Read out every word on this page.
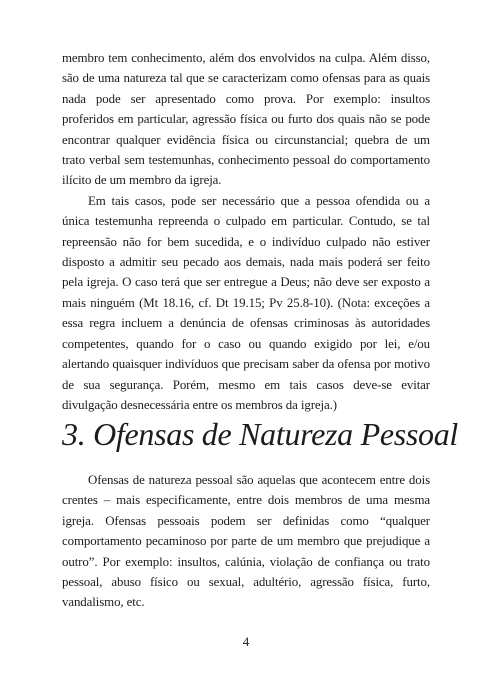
membro tem conhecimento, além dos envolvidos na culpa. Além disso, são de uma natureza tal que se caracterizam como ofensas para as quais nada pode ser apresentado como prova. Por exemplo: insultos proferidos em particular, agressão física ou furto dos quais não se pode encontrar qualquer evidência física ou circunstancial; quebra de um trato verbal sem testemunhas, conhecimento pessoal do comportamento ilícito de um membro da igreja.

Em tais casos, pode ser necessário que a pessoa ofendida ou a única testemunha repreenda o culpado em particular. Contudo, se tal repreensão não for bem sucedida, e o indivíduo culpado não estiver disposto a admitir seu pecado aos demais, nada mais poderá ser feito pela igreja. O caso terá que ser entregue a Deus; não deve ser exposto a mais ninguém (Mt 18.16, cf. Dt 19.15; Pv 25.8-10). (Nota: exceções a essa regra incluem a denúncia de ofensas criminosas às autoridades competentes, quando for o caso ou quando exigido por lei, e/ou alertando quaisquer indivíduos que precisam saber da ofensa por motivo de sua segurança. Porém, mesmo em tais casos deve-se evitar divulgação desnecessária entre os membros da igreja.)

3. Ofensas de Natureza Pessoal

Ofensas de natureza pessoal são aquelas que acontecem entre dois crentes – mais especificamente, entre dois membros de uma mesma igreja. Ofensas pessoais podem ser definidas como “qualquer comportamento pecaminoso por parte de um membro que prejudique a outro”. Por exemplo: insultos, calúnia, violação de confiança ou trato pessoal, abuso físico ou sexual, adultério, agressão física, furto, vandalismo, etc.

4
